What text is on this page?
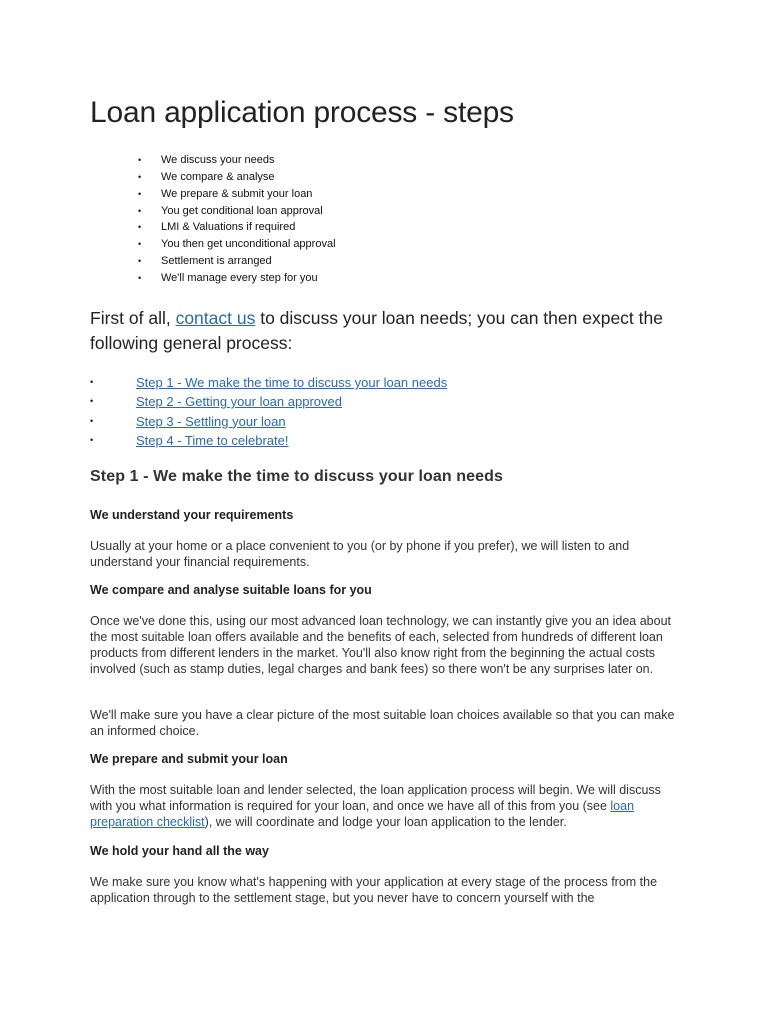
Loan application process - steps
• We discuss your needs
• We compare & analyse
• We prepare & submit your loan
• You get conditional loan approval
• LMI & Valuations if required
• You then get unconditional approval
• Settlement is arranged
• We'll manage every step for you

First of all, contact us to discuss your loan needs; you can then expect the following general process:

•	Step 1 - We make the time to discuss your loan needs
•	Step 2 - Getting your loan approved
•	Step 3 - Settling your loan
•	Step 4 - Time to celebrate!
Step 1 - We make the time to discuss your loan needs
We understand your requirements

Usually at your home or a place convenient to you (or by phone if you prefer), we will listen to and understand your financial requirements.

We compare and analyse suitable loans for you

Once we've done this, using our most advanced loan technology, we can instantly give you an idea about the most suitable loan offers available and the benefits of each, selected from hundreds of different loan products from different lenders in the market. You'll also know right from the beginning the actual costs involved (such as stamp duties, legal charges and bank fees) so there won't be any surprises later on.

We'll make sure you have a clear picture of the most suitable loan choices available so that you can make an informed choice.

We prepare and submit your loan

With the most suitable loan and lender selected, the loan application process will begin. We will discuss with you what information is required for your loan, and once we have all of this from you (see loan preparation checklist), we will coordinate and lodge your loan application to the lender.

We hold your hand all the way

We make sure you know what's happening with your application at every stage of the process from the application through to the settlement stage, but you never have to concern yourself with the
